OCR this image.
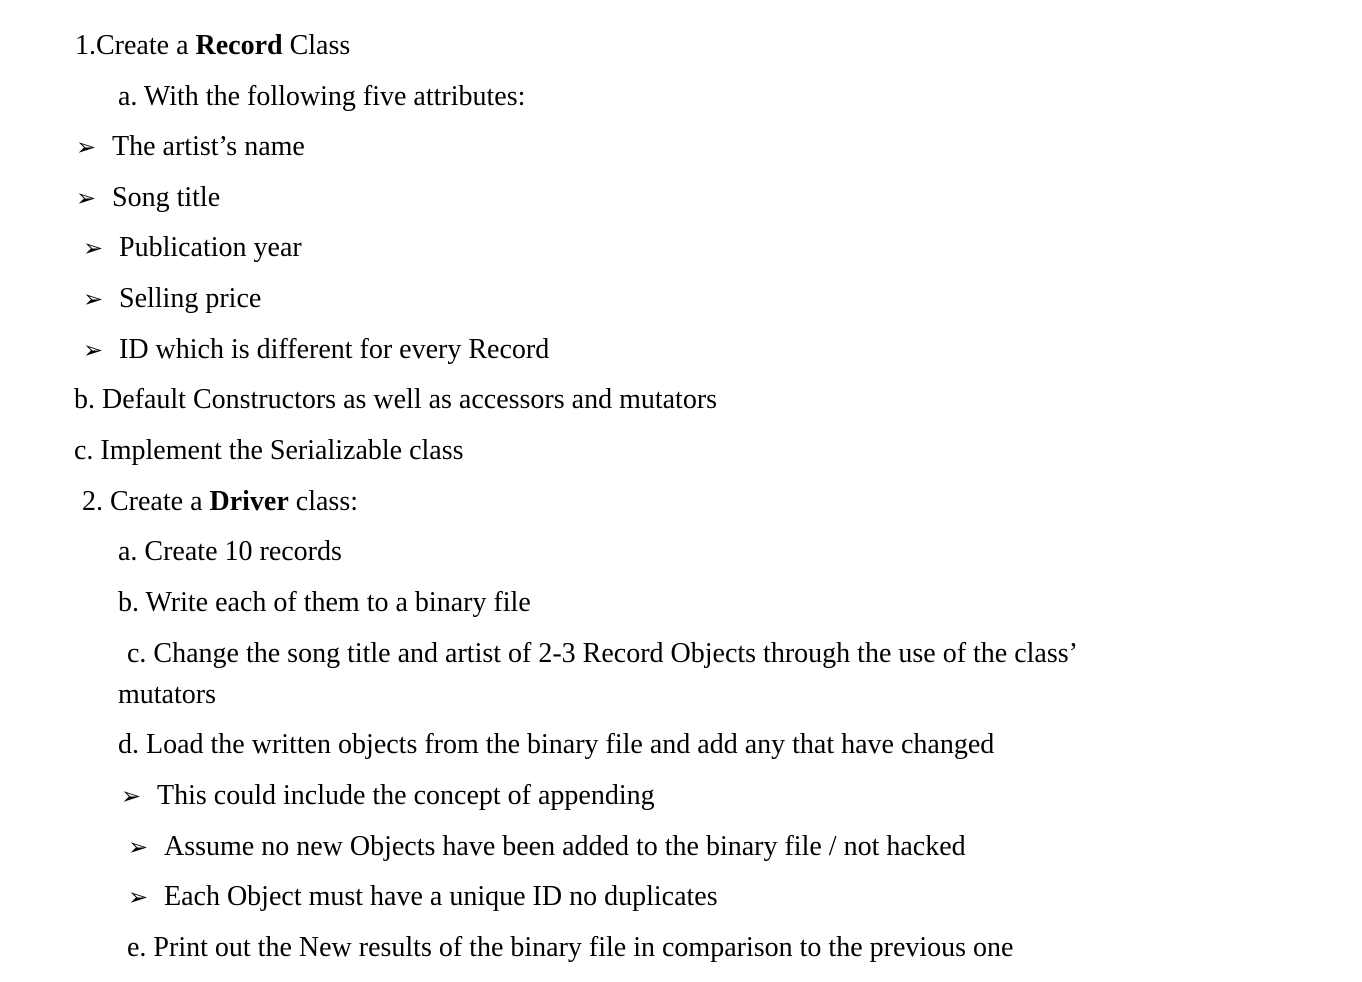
1.Create a Record Class
a. With the following five attributes:
➢ The artist’s name
➢ Song title
➢ Publication year
➢ Selling price
➢ ID which is different for every Record
b. Default Constructors as well as accessors and mutators
c. Implement the Serializable class
2. Create a Driver class:
a. Create 10 records
b. Write each of them to a binary file
c. Change the song title and artist of 2-3 Record Objects through the use of the class’
mutators
d. Load the written objects from the binary file and add any that have changed
➢ This could include the concept of appending
➢ Assume no new Objects have been added to the binary file / not hacked
➢ Each Object must have a unique ID no duplicates
e. Print out the New results of the binary file in comparison to the previous one
